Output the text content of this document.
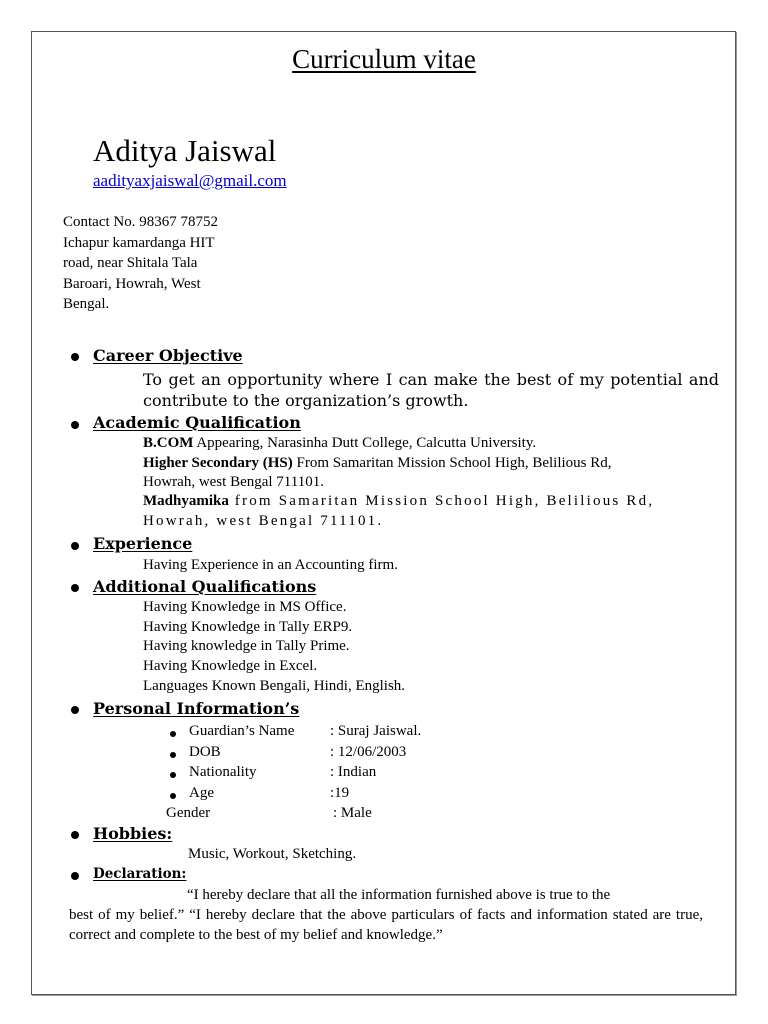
Curriculum vitae
Aditya Jaiswal
aadityaxjaiswal@gmail.com
Contact No. 98367 78752
Ichapur kamardanga HIT
road, near Shitala Tala
Baroari, Howrah, West
Bengal.
Career Objective
To get an opportunity where I can make the best of my potential and
contribute to the organization’s growth.
Academic Qualification
B.COM Appearing, Narasinha Dutt College, Calcutta University.
Higher Secondary (HS) From Samaritan Mission School High, Belilious Rd,
Howrah, west Bengal 711101.
Madhyamika from Samaritan Mission School High, Belilious Rd,
Howrah, west Bengal 711101.
Experience
Having Experience in an Accounting firm.
Additional Qualifications
Having Knowledge in MS Office.
Having Knowledge in Tally ERP9.
Having knowledge in Tally Prime.
Having Knowledge in Excel.
Languages Known Bengali, Hindi, English.
Personal Information’s
Guardian’s Name : Suraj Jaiswal.
DOB	: 12/06/2003
Nationality	: Indian
Age	:19
Gender	: Male
Hobbies:
Music, Workout, Sketching.
Declaration:
“I hereby declare that all the information furnished above is true to the
best of my belief.” “I hereby declare that the above particulars of facts and information stated are true, correct and complete to the best of my belief and knowledge.”
